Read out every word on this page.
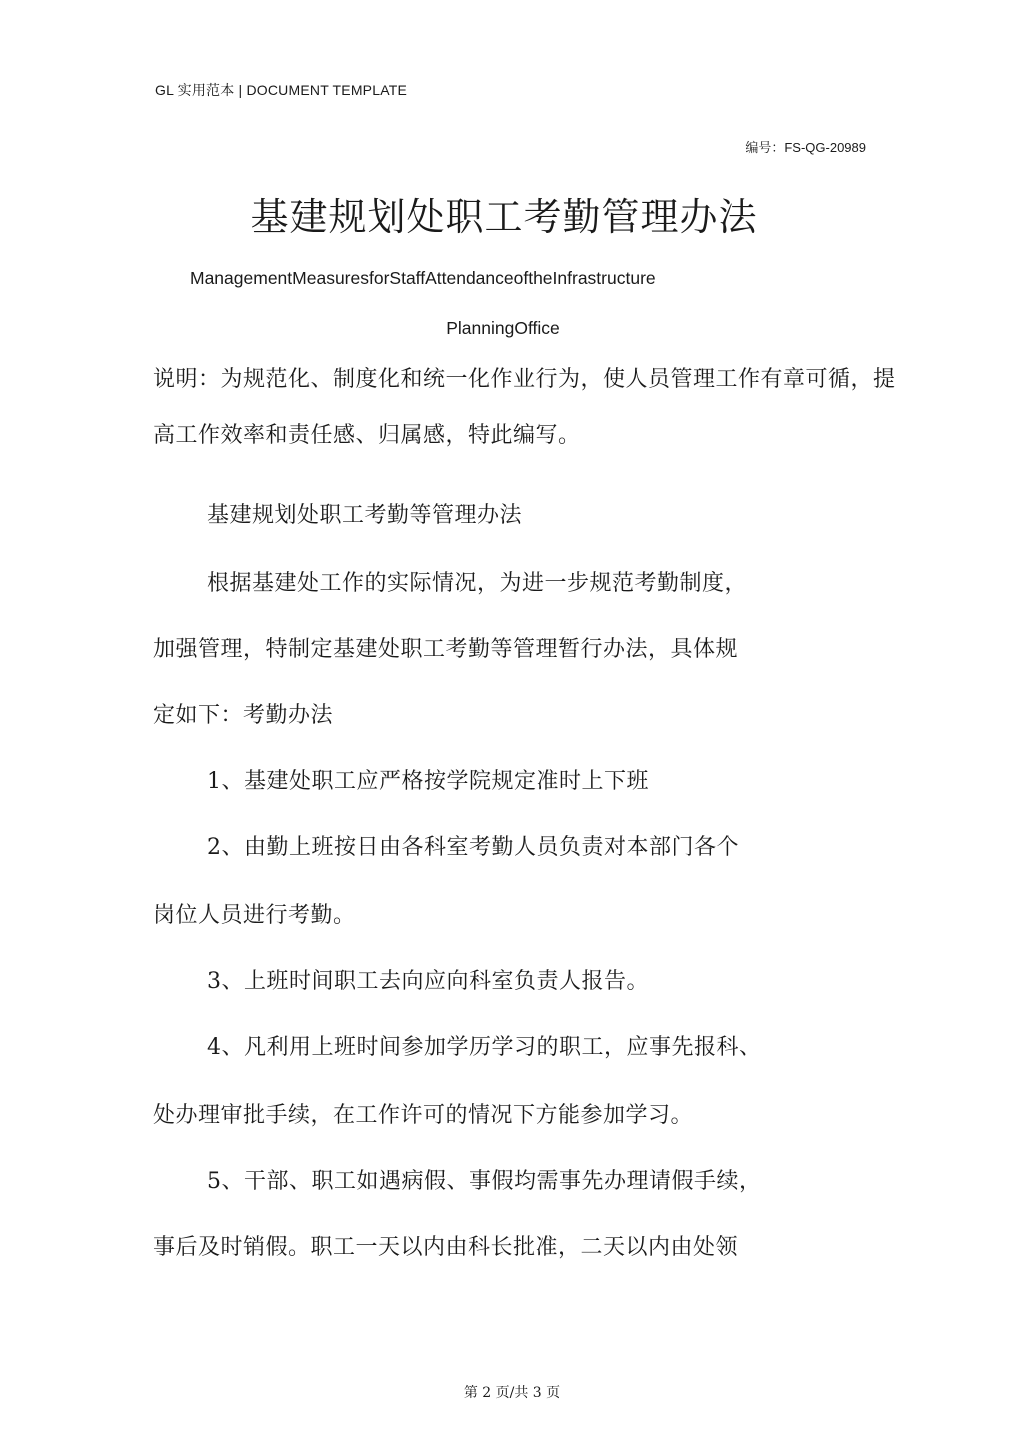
GL 实用范本 | DOCUMENT TEMPLATE
编号：FS-QG-20989
基建规划处职工考勤管理办法
ManagementMeasuresforStaffAttendanceoftheInfrastructure
PlanningOffice
说明：为规范化、制度化和统一化作业行为，使人员管理工作有章可循，提
高工作效率和责任感、归属感，特此编写。
基建规划处职工考勤等管理办法
根据基建处工作的实际情况，为进一步规范考勤制度，
加强管理，特制定基建处职工考勤等管理暂行办法，具体规
定如下：考勤办法
1、基建处职工应严格按学院规定准时上下班
2、由勤上班按日由各科室考勤人员负责对本部门各个
岗位人员进行考勤。
3、上班时间职工去向应向科室负责人报告。
4、凡利用上班时间参加学历学习的职工，应事先报科、
处办理审批手续，在工作许可的情况下方能参加学习。
5、干部、职工如遇病假、事假均需事先办理请假手续，
事后及时销假。职工一天以内由科长批准，二天以内由处领
第 2 页/共 3 页
